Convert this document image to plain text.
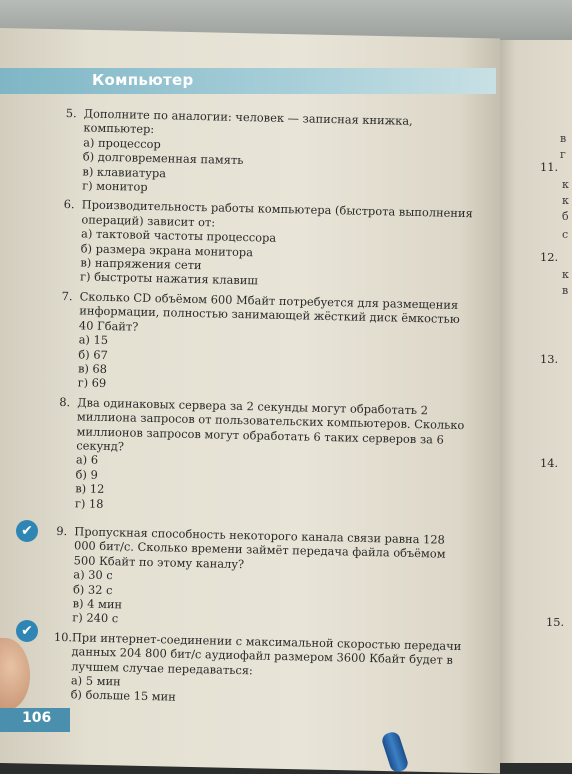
Компьютер
5. Дополните по аналогии: человек — записная книжка, компьютер:
а) процессор
б) долговременная память
в) клавиатура
г) монитор
6. Производительность работы компьютера (быстрота выполнения операций) зависит от:
а) тактовой частоты процессора
б) размера экрана монитора
в) напряжения сети
г) быстроты нажатия клавиш
7. Сколько CD объёмом 600 Мбайт потребуется для размещения информации, полностью занимающей жёсткий диск ёмкостью 40 Гбайт?
а) 15
б) 67
в) 68
г) 69
8. Два одинаковых сервера за 2 секунды могут обработать 2 миллиона запросов от пользовательских компьютеров. Сколько миллионов запросов могут обработать 6 таких серверов за 6 секунд?
а) 6
б) 9
в) 12
г) 18
9. Пропускная способность некоторого канала связи равна 128 000 бит/с. Сколько времени займёт передача файла объёмом 500 Кбайт по этому каналу?
а) 30 с
б) 32 с
в) 4 мин
г) 240 с
10. При интернет-соединении с максимальной скоростью передачи данных 204 800 бит/с аудиофайл размером 3600 Кбайт будет в лучшем случае передаваться:
а) 5 мин
б) больше 15 мин
✔
✔
в
г
11.
к
к
б
с
12.
к
в
13.
14.
15.
106
